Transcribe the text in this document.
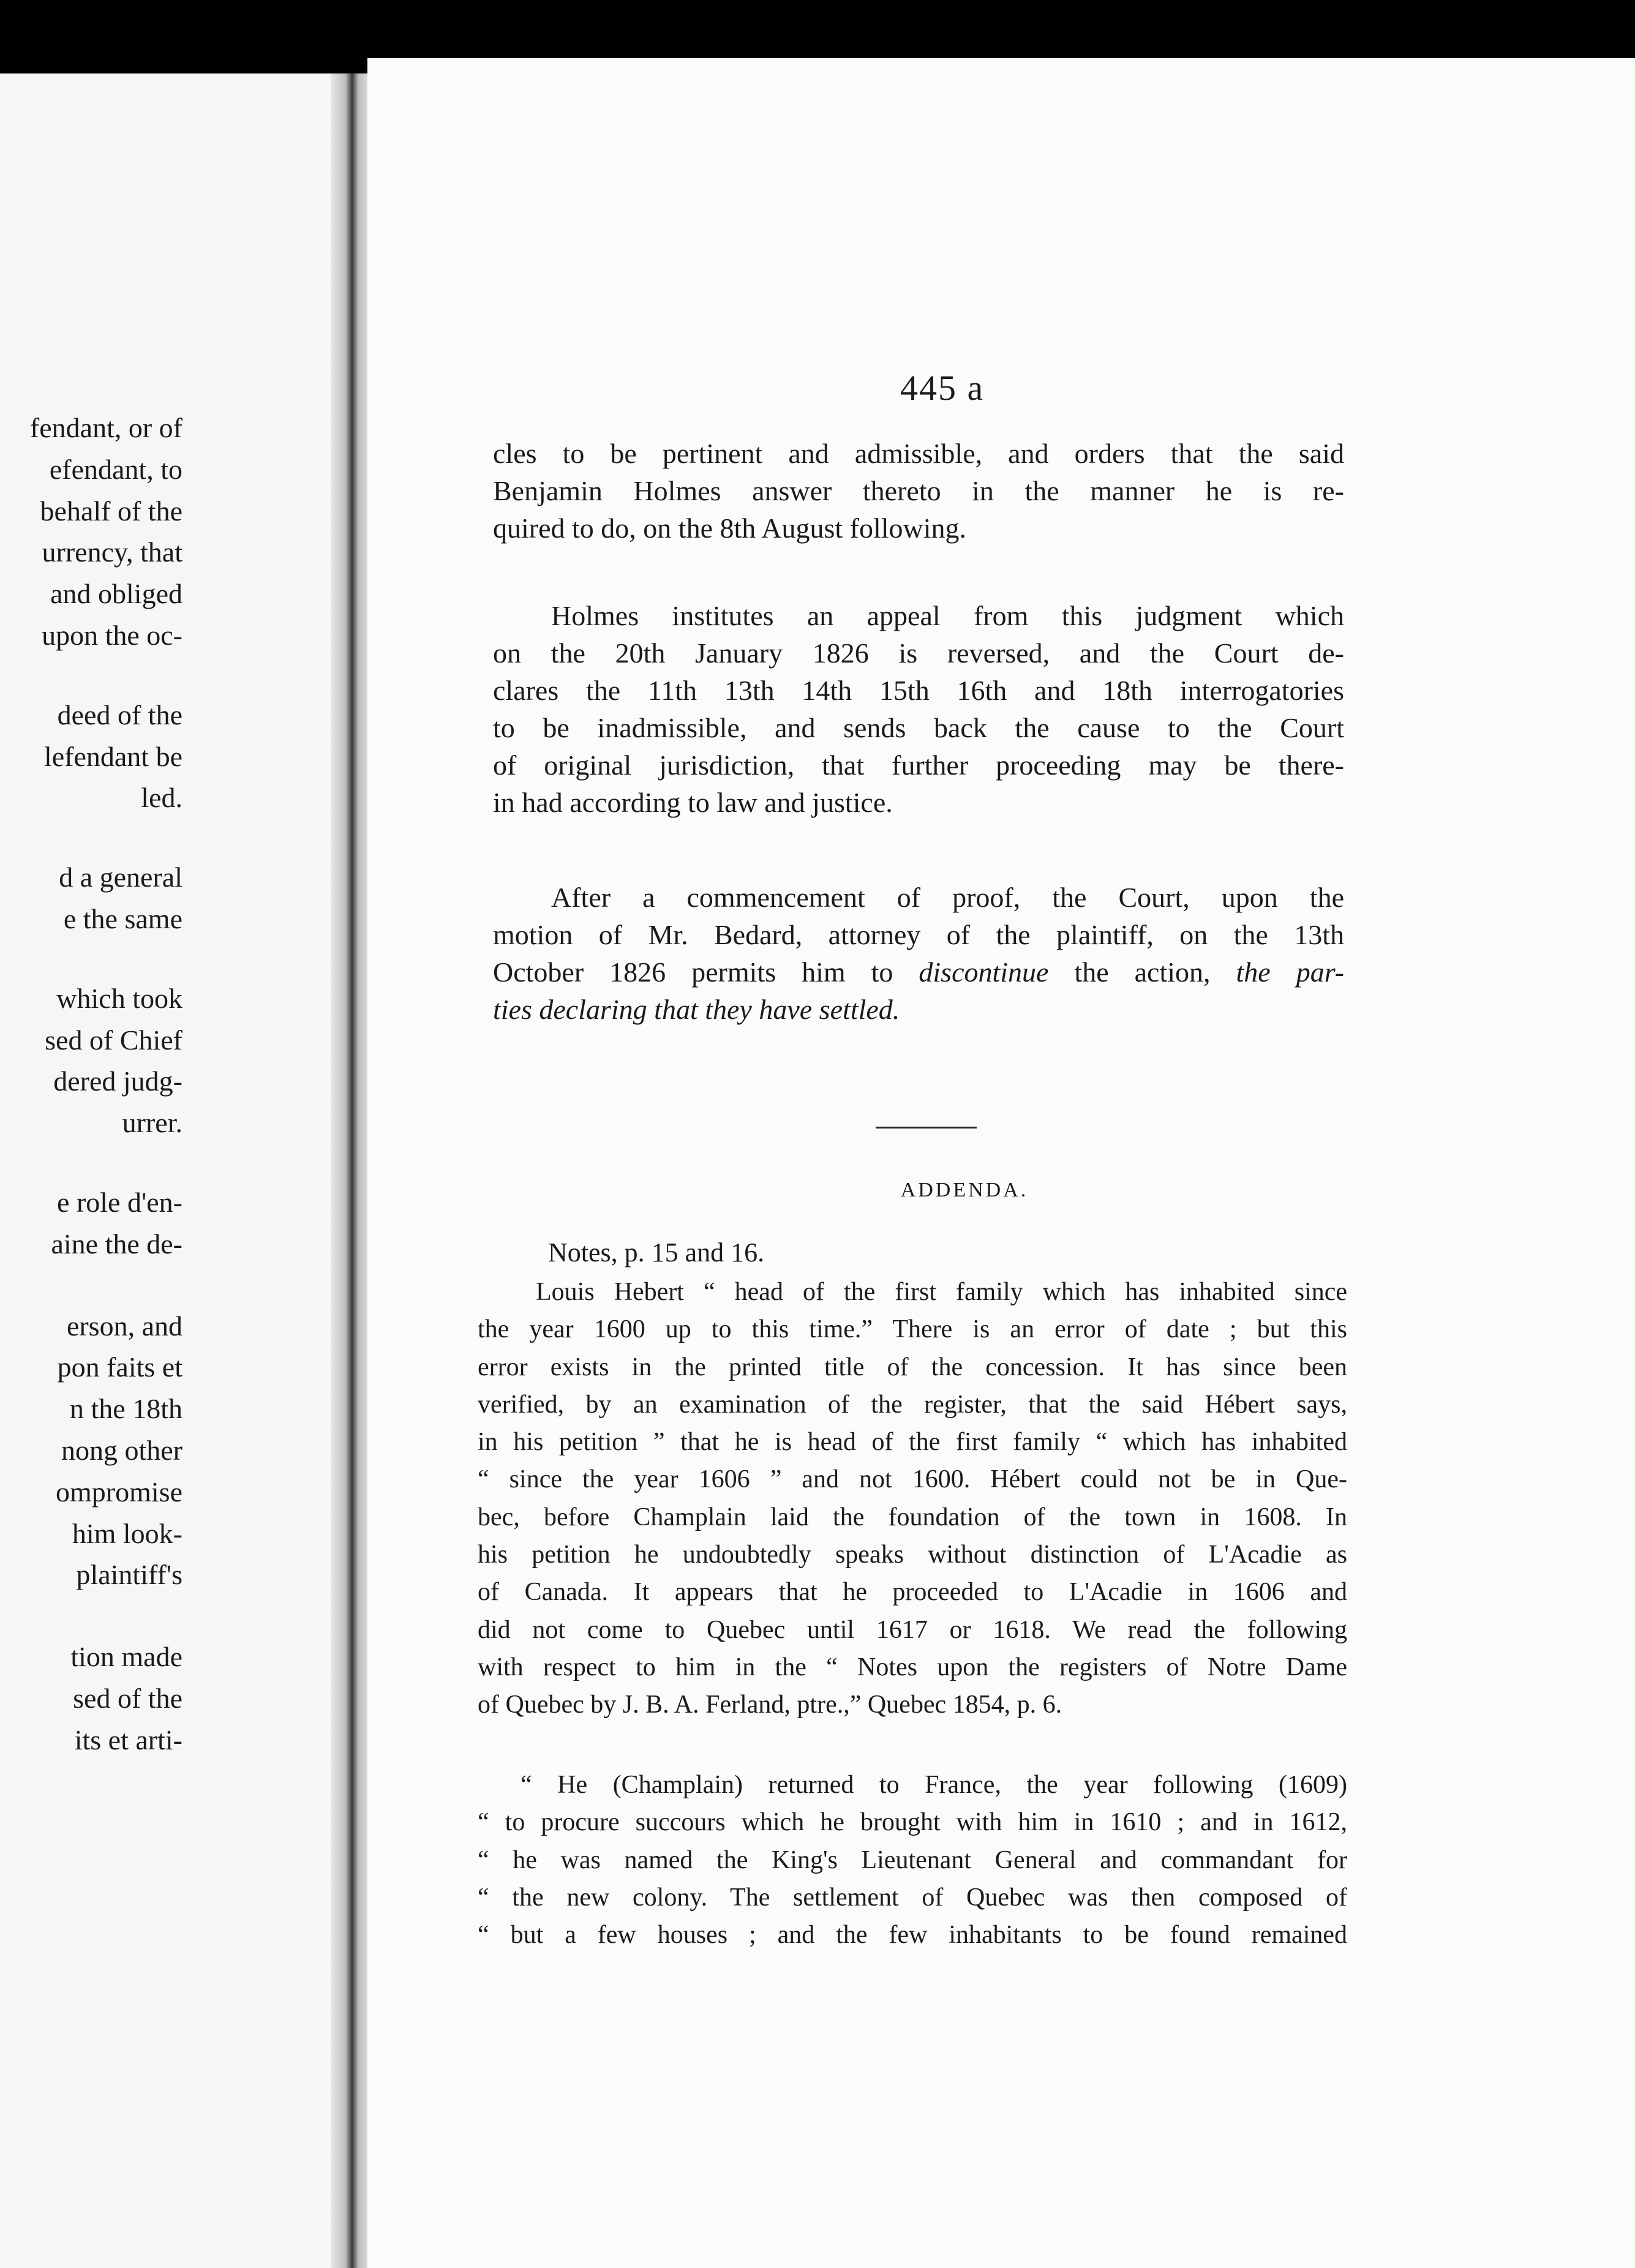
fendant, or of
efendant, to
behalf of the
urrency, that
and obliged
upon the oc-
deed of the
lefendant be
led.
d a general
e the same
which took
sed of Chief
dered judg-
urrer.
e role d'en-
aine the de-
erson, and
pon faits et
n the 18th
nong other
ompromise
him look-
plaintiff's
tion made
sed of the
its et arti-
445 a
cles to be pertinent and admissible, and orders that the said
Benjamin Holmes answer thereto in the manner he is re-
quired to do, on the 8th August following.
Holmes institutes an appeal from this judgment which
on the 20th January 1826 is reversed, and the Court de-
clares the 11th 13th 14th 15th 16th and 18th interrogatories
to be inadmissible, and sends back the cause to the Court
of original jurisdiction, that further proceeding may be there-
in had according to law and justice.
After a commencement of proof, the Court, upon the
motion of Mr. Bedard, attorney of the plaintiff, on the 13th
October 1826 permits him to discontinue the action, the par-
ties declaring that they have settled.
ADDENDA.
Notes, p. 15 and 16.
Louis Hebert “ head of the first family which has inhabited since
the year 1600 up to this time.” There is an error of date ; but this
error exists in the printed title of the concession. It has since been
verified, by an examination of the register, that the said Hébert says,
in his petition ” that he is head of the first family “ which has inhabited
“ since the year 1606 ” and not 1600. Hébert could not be in Que-
bec, before Champlain laid the foundation of the town in 1608. In
his petition he undoubtedly speaks without distinction of L'Acadie as
of Canada. It appears that he proceeded to L'Acadie in 1606 and
did not come to Quebec until 1617 or 1618. We read the following
with respect to him in the “ Notes upon the registers of Notre Dame
of Quebec by J. B. A. Ferland, ptre.,” Quebec 1854, p. 6.
“ He (Champlain) returned to France, the year following (1609)
“ to procure succours which he brought with him in 1610 ; and in 1612,
“ he was named the King's Lieutenant General and commandant for
“ the new colony. The settlement of Quebec was then composed of
“ but a few houses ; and the few inhabitants to be found remained
